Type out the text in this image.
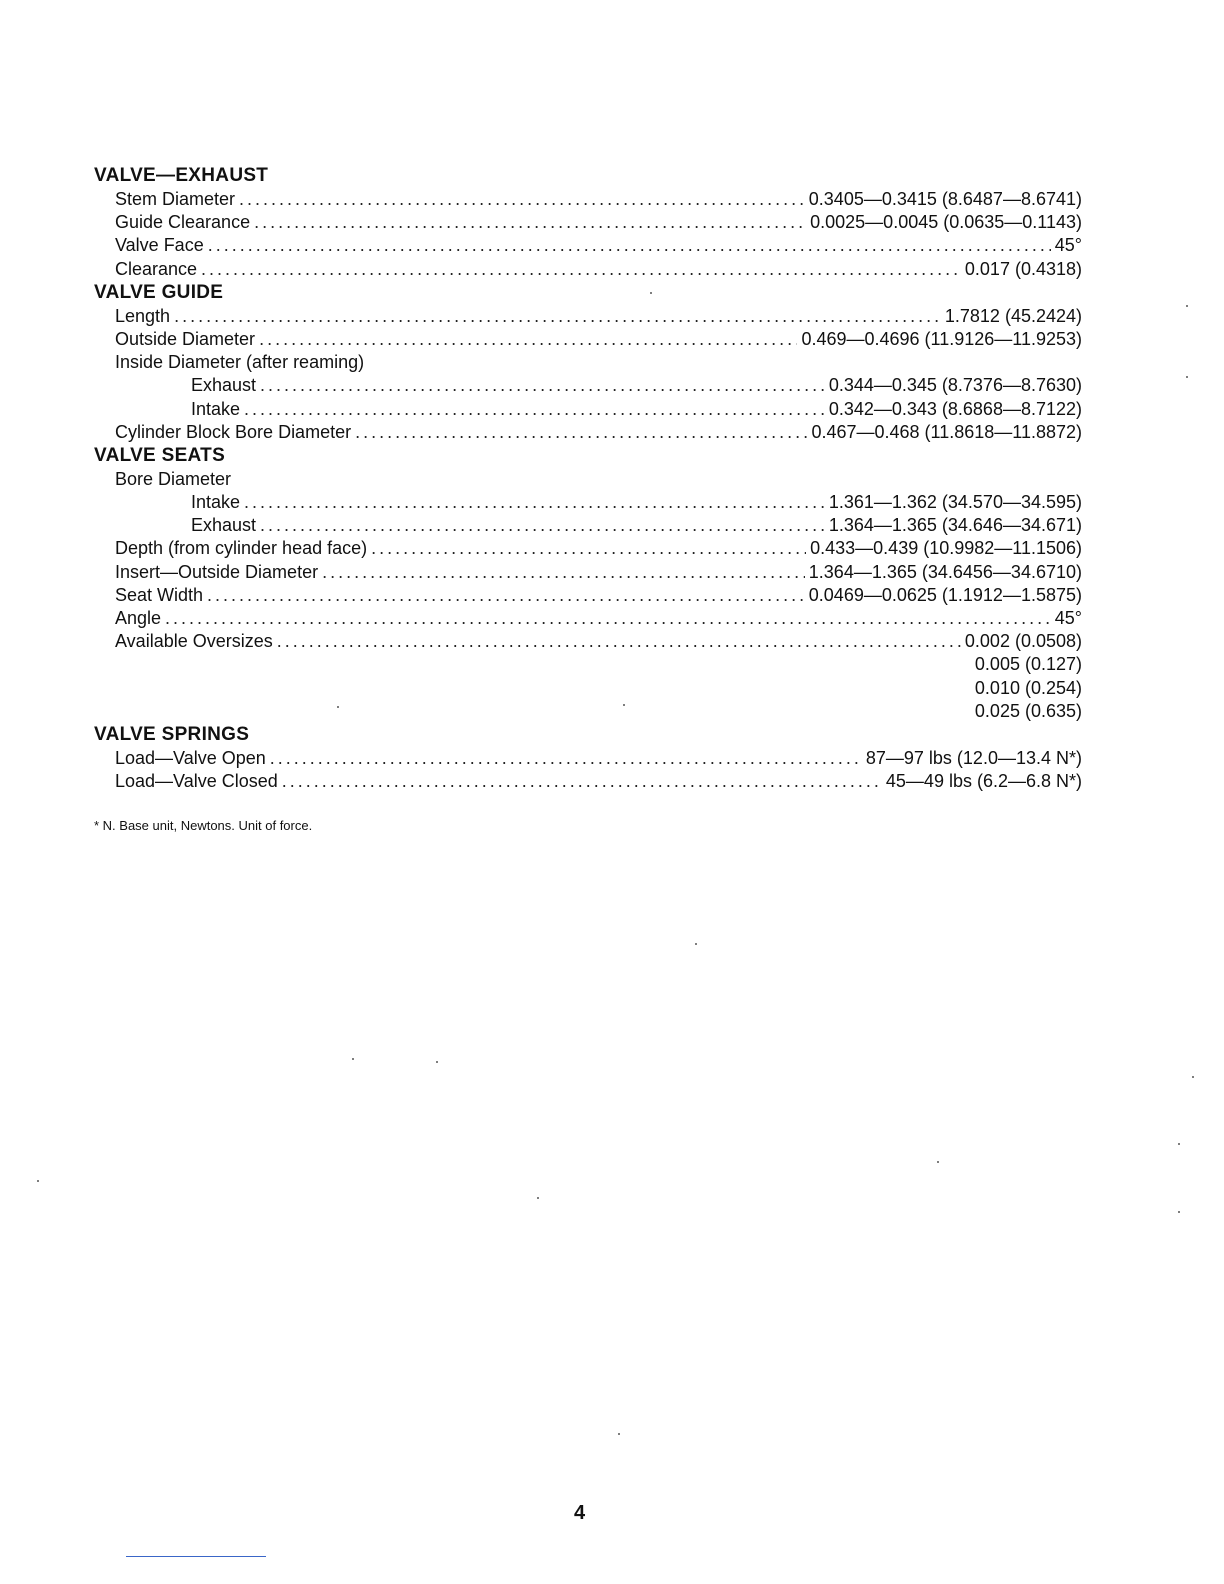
VALVE—EXHAUST
Stem Diameter .....	0.3405—0.3415 (8.6487—8.6741)
Guide Clearance .....	0.0025—0.0045 (0.0635—0.1143)
Valve Face .....	45°
Clearance .....	0.017 (0.4318)
VALVE GUIDE
Length .....	1.7812 (45.2424)
Outside Diameter .....	0.469—0.4696 (11.9126—11.9253)
Inside Diameter (after reaming)
Exhaust .....	0.344—0.345 (8.7376—8.7630)
Intake .....	0.342—0.343 (8.6868—8.7122)
Cylinder Block Bore Diameter .....	0.467—0.468 (11.8618—11.8872)
VALVE SEATS
Bore Diameter
Intake .....	1.361—1.362 (34.570—34.595)
Exhaust .....	1.364—1.365 (34.646—34.671)
Depth (from cylinder head face) .....	0.433—0.439 (10.9982—11.1506)
Insert—Outside Diameter .....	1.364—1.365 (34.6456—34.6710)
Seat Width .....	0.0469—0.0625 (1.1912—1.5875)
Angle .....	45°
Available Oversizes .....	0.002 (0.0508)
0.005 (0.127)
0.010 (0.254)
0.025 (0.635)
VALVE SPRINGS
Load—Valve Open .....	87—97 lbs (12.0—13.4 N*)
Load—Valve Closed .....	45—49 lbs (6.2—6.8 N*)
* N. Base unit, Newtons. Unit of force.
4
